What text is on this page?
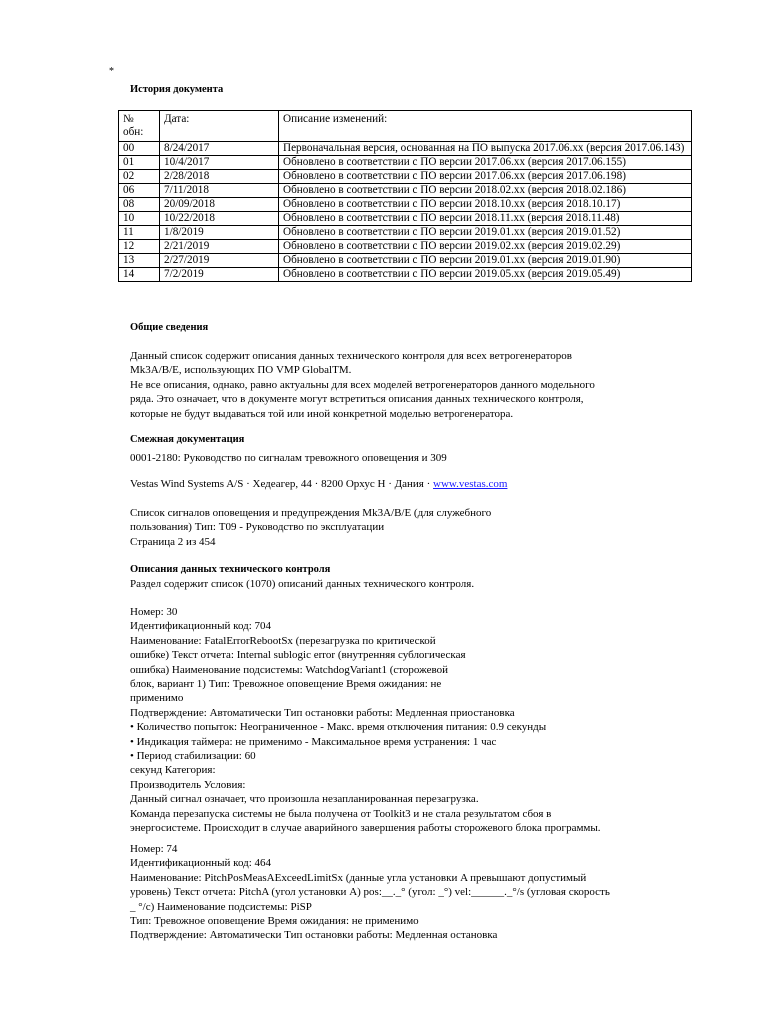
*
История документа
№ обн:	Дата:	Описание изменений:
00	8/24/2017	Первоначальная версия, основанная на ПО выпуска 2017.06.xx (версия 2017.06.143)
01	10/4/2017	Обновлено в соответствии с ПО версии 2017.06.xx (версия 2017.06.155)
02	2/28/2018	Обновлено в соответствии с ПО версии 2017.06.xx (версия 2017.06.198)
06	7/11/2018	Обновлено в соответствии с ПО версии 2018.02.xx (версия 2018.02.186)
08	20/09/2018	Обновлено в соответствии с ПО версии 2018.10.xx (версия 2018.10.17)
10	10/22/2018	Обновлено в соответствии с ПО версии 2018.11.xx (версия 2018.11.48)
11	1/8/2019	Обновлено в соответствии с ПО версии 2019.01.xx (версия 2019.01.52)
12	2/21/2019	Обновлено в соответствии с ПО версии 2019.02.xx (версия 2019.02.29)
13	2/27/2019	Обновлено в соответствии с ПО версии 2019.01.xx (версия 2019.01.90)
14	7/2/2019	Обновлено в соответствии с ПО версии 2019.05.xx (версия 2019.05.49)
Общие сведения
Данный список содержит описания данных технического контроля для всех ветрогенераторов
Mk3A/B/E, использующих ПО VMP GlobalTM.
Не все описания, однако, равно актуальны для всех моделей ветрогенераторов данного модельного
ряда. Это означает, что в документе могут встретиться описания данных технического контроля,
которые не будут выдаваться той или иной конкретной моделью ветрогенератора.
Смежная документация
0001-2180: Руководство по сигналам тревожного оповещения и 309
Vestas Wind Systems A/S · Хедеагер, 44 · 8200 Орхус Н · Дания · www.vestas.com
Список сигналов оповещения и предупреждения Mk3A/B/E (для служебного
пользования) Тип: T09 - Руководство по эксплуатации
Страница 2 из 454
Описания данных технического контроля
Раздел содержит список (1070) описаний данных технического контроля.
Номер: 30
Идентификационный код: 704
Наименование: FatalErrorRebootSx (перезагрузка по критической
ошибке) Текст отчета: Internal sublogic error (внутренняя сублогическая
ошибка) Наименование подсистемы: WatchdogVariant1 (сторожевой
блок, вариант 1) Тип: Тревожное оповещение Время ожидания: не
применимо
Подтверждение: Автоматически Тип остановки работы: Медленная приостановка
• Количество попыток: Неограниченное - Макс. время отключения питания: 0.9 секунды
• Индикация таймера: не применимо - Максимальное время устранения: 1 час
• Период стабилизации: 60
секунд Категория:
Производитель Условия:
Данный сигнал означает, что произошла незапланированная перезагрузка.
Команда перезапуска системы не была получена от Toolkit3 и не стала результатом сбоя в
энергосистеме. Происходит в случае аварийного завершения работы сторожевого блока программы.
Номер: 74
Идентификационный код: 464
Наименование: PitchPosMeasAExceedLimitSx (данные угла установки A превышают допустимый
уровень) Текст отчета: PitchA (угол установки A) pos:__._° (угол: _°) vel:______._°/s (угловая скорость
_ °/с) Наименование подсистемы: PiSP
Тип: Тревожное оповещение Время ожидания: не применимо
Подтверждение: Автоматически Тип остановки работы: Медленная остановка
